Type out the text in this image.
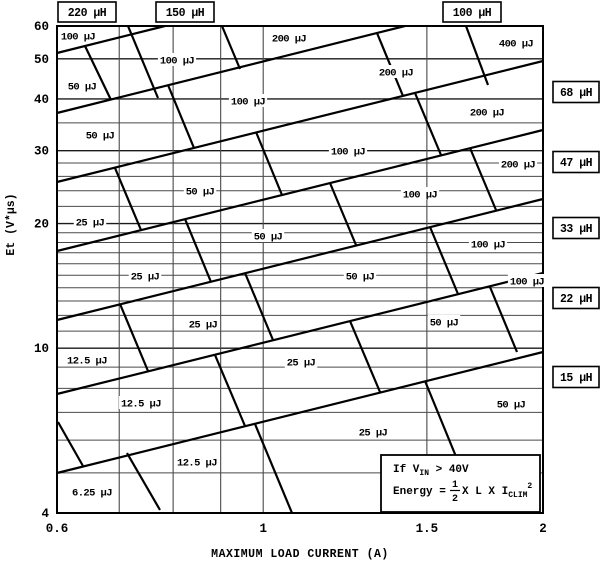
100 μJ	200 μJ	400 μJ
100 μJ
200 μJ
50 μJ
100 μJ
200 μJ
50 μJ
100 μJ
200 μJ
50 μJ	100 μJ
25 μJ
50 μJ
100 μJ
25 μJ	50 μJ	100 μJ
25 μJ	50 μJ
12.5 μJ	25 μJ
12.5 μJ	50 μJ
25 μJ
12.5 μJ
6.25 μJ
220 μH	150 μH	100 μH
68 μH
47 μH
33 μH
22 μH
15 μH
60
50
40
30
20
10
4
0.6	1	1.5	2
MAXIMUM LOAD CURRENT (A)
Et (V*μs)
If $V_{IN} > 40V$
Energy =
1
2
X L X $I_{CLIM}^2$
